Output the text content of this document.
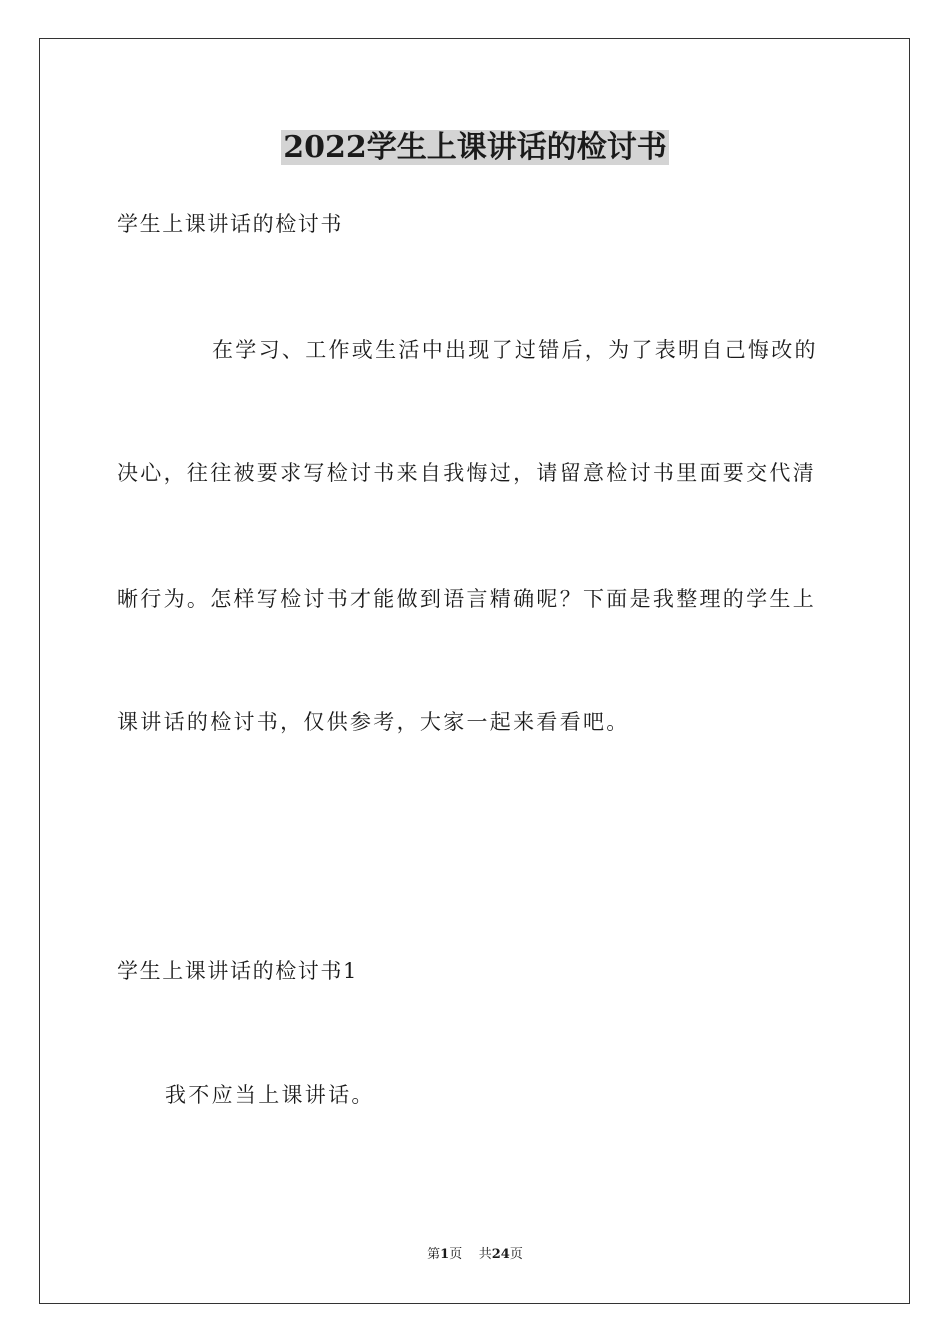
2022学生上课讲话的检讨书

学生上课讲话的检讨书

在学习、工作或生活中出现了过错后，为了表明自己悔改的

决心，往往被要求写检讨书来自我悔过，请留意检讨书里面要交代清

晰行为。怎样写检讨书才能做到语言精确呢？下面是我整理的学生上

课讲话的检讨书，仅供参考，大家一起来看看吧。

学生上课讲话的检讨书1

我不应当上课讲话。

第1页 共24页
